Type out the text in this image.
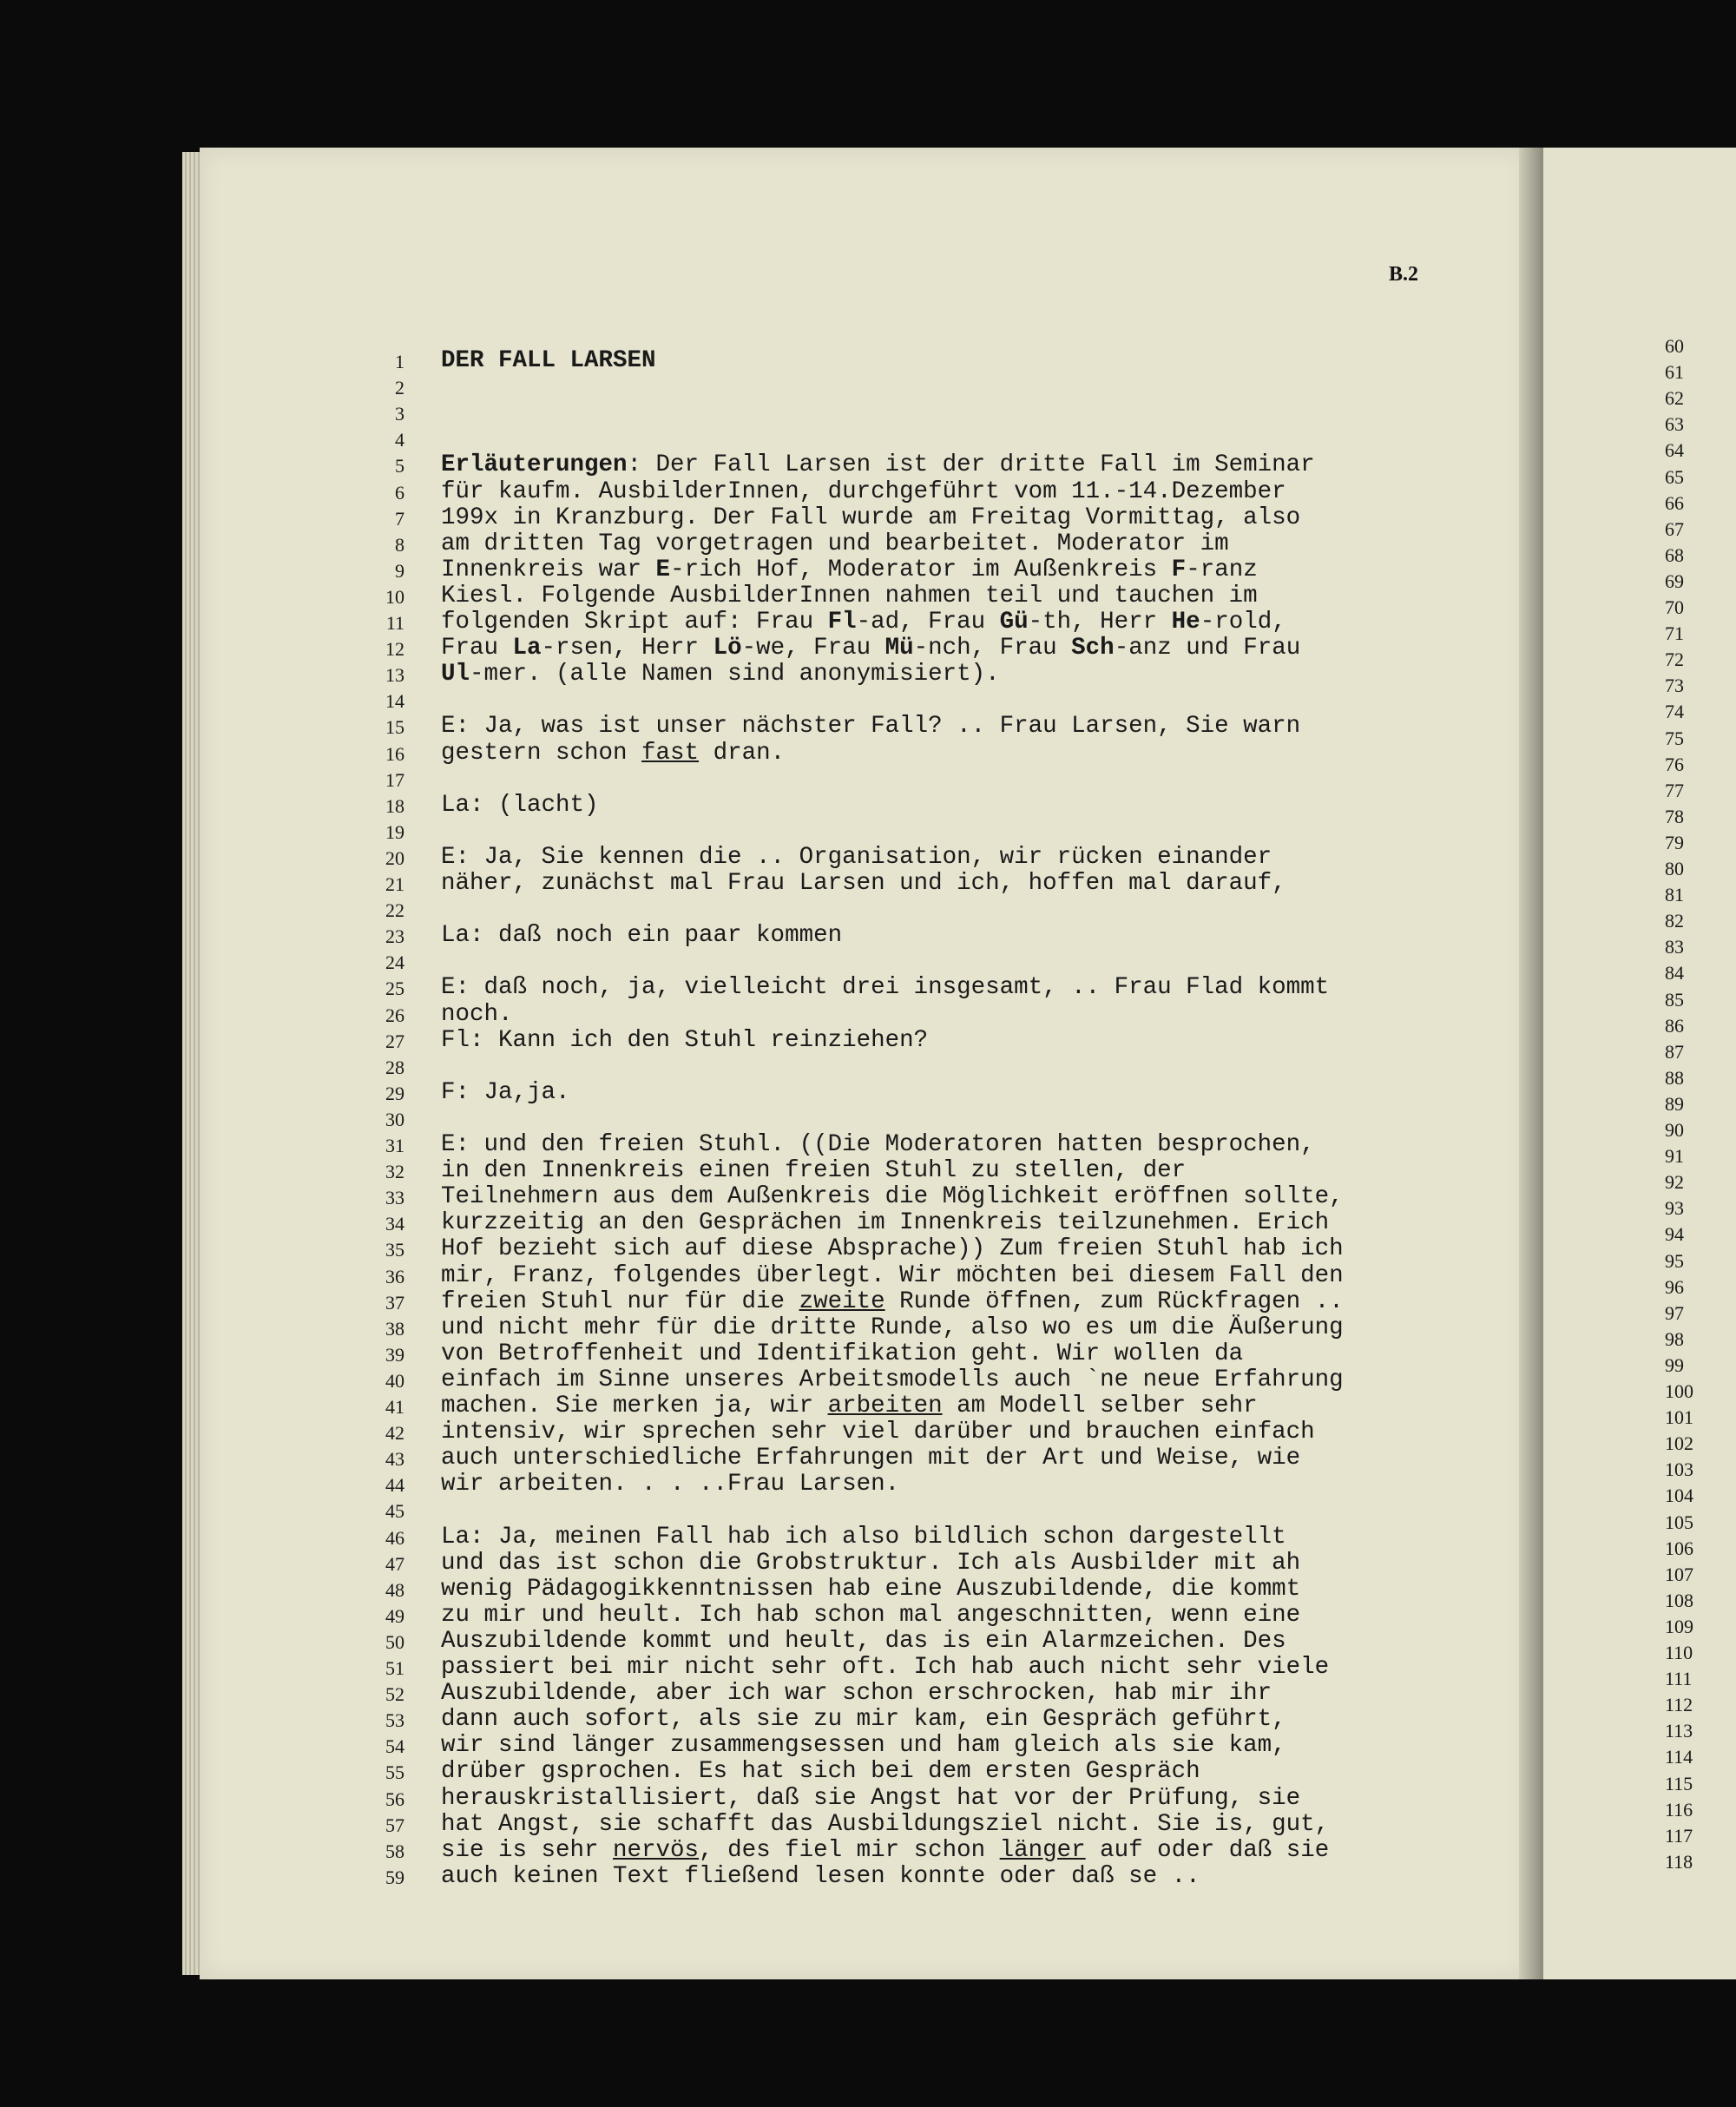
B.2
1 DER FALL LARSEN
2
3
4
5 Erläuterungen: Der Fall Larsen ist der dritte Fall im Seminar
6 für kaufm. AusbilderInnen, durchgeführt vom 11.-14.Dezember
7 199x in Kranzburg. Der Fall wurde am Freitag Vormittag, also
8 am dritten Tag vorgetragen und bearbeitet. Moderator im
9 Innenkreis war E-rich Hof, Moderator im Außenkreis F-ranz
10 Kiesl. Folgende AusbilderInnen nahmen teil und tauchen im
11 folgenden Skript auf: Frau Fl-ad, Frau Gü-th, Herr He-rold,
12 Frau La-rsen, Herr Lö-we, Frau Mü-nch, Frau Sch-anz und Frau
13 Ul-mer. (alle Namen sind anonymisiert).
14
15 E: Ja, was ist unser nächster Fall? .. Frau Larsen, Sie warn
16 gestern schon fast dran.
17
18 La: (lacht)
19
20 E: Ja, Sie kennen die .. Organisation, wir rücken einander
21 näher, zunächst mal Frau Larsen und ich, hoffen mal darauf,
22
23 La: daß noch ein paar kommen
24
25 E: daß noch, ja, vielleicht drei insgesamt, .. Frau Flad kommt
26 noch.
27 Fl: Kann ich den Stuhl reinziehen?
28
29 F: Ja,ja.
30
31 E: und den freien Stuhl. ((Die Moderatoren hatten besprochen,
32 in den Innenkreis einen freien Stuhl zu stellen, der
33 Teilnehmern aus dem Außenkreis die Möglichkeit eröffnen sollte,
34 kurzzeitig an den Gesprächen im Innenkreis teilzunehmen. Erich
35 Hof bezieht sich auf diese Absprache)) Zum freien Stuhl hab ich
36 mir, Franz, folgendes überlegt. Wir möchten bei diesem Fall den
37 freien Stuhl nur für die zweite Runde öffnen, zum Rückfragen ..
38 und nicht mehr für die dritte Runde, also wo es um die Äußerung
39 von Betroffenheit und Identifikation geht. Wir wollen da
40 einfach im Sinne unseres Arbeitsmodells auch `ne neue Erfahrung
41 machen. Sie merken ja, wir arbeiten am Modell selber sehr
42 intensiv, wir sprechen sehr viel darüber und brauchen einfach
43 auch unterschiedliche Erfahrungen mit der Art und Weise, wie
44 wir arbeiten. . . ..Frau Larsen.
45
46 La: Ja, meinen Fall hab ich also bildlich schon dargestellt
47 und das ist schon die Grobstruktur. Ich als Ausbilder mit ah
48 wenig Pädagogikkenntnissen hab eine Auszubildende, die kommt
49 zu mir und heult. Ich hab schon mal angeschnitten, wenn eine
50 Auszubildende kommt und heult, das is ein Alarmzeichen. Des
51 passiert bei mir nicht sehr oft. Ich hab auch nicht sehr viele
52 Auszubildende, aber ich war schon erschrocken, hab mir ihr
53 dann auch sofort, als sie zu mir kam, ein Gespräch geführt,
54 wir sind länger zusammengsessen und ham gleich als sie kam,
55 drüber gsprochen. Es hat sich bei dem ersten Gespräch
56 herauskristallisiert, daß sie Angst hat vor der Prüfung, sie
57 hat Angst, sie schafft das Ausbildungsziel nicht. Sie is, gut,
58 sie is sehr nervös, des fiel mir schon länger auf oder daß sie
59 auch keinen Text fließend lesen konnte oder daß se ..
60
61
62
63
64
65
66
67
68
69
70
71
72
73
74
75
76
77
78
79
80
81
82
83
84
85
86
87
88
89
90
91
92
93
94
95
96
97
98
99
100
101
102
103
104
105
106
107
108
109
110
111
112
113
114
115
116
117
118
